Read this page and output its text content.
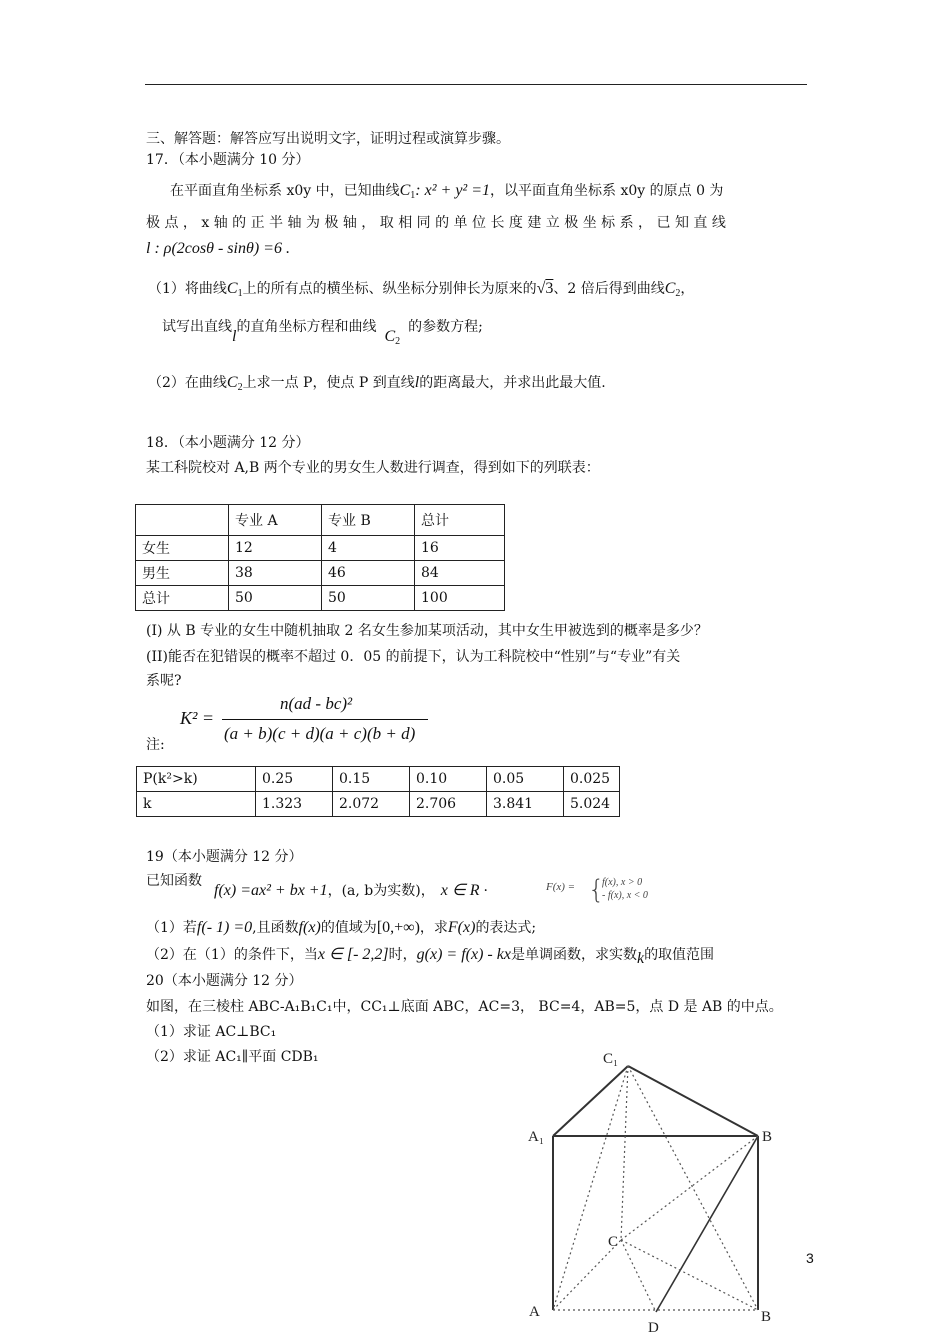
三、解答题：解答应写出说明文字，证明过程或演算步骤。
17．（本小题满分 10 分）
在平面直角坐标系 x0y 中，已知曲线$C_1$: x² + y² =1，以平面直角坐标系 x0y 的原点 0 为
极 点 ， x 轴 的 正 半 轴 为 极 轴 ， 取 相 同 的 单 位 长 度 建 立 极 坐 标 系 ， 已 知 直 线
l : ρ(2cosθ - sinθ) =6 .
（1）将曲线$C_1$上的所有点的横坐标、纵坐标分别伸长为原来的√3、2 倍后得到曲线$C_2$，
试写出直线l的直角坐标方程和曲线$C_2$的参数方程;
（2）在曲线$C_2$上求一点 P，使点 P 到直线l的距离最大，并求出此最大值.
18．（本小题满分 12 分）
某工科院校对 A,B 两个专业的男女生人数进行调查，得到如下的列联表：
	专业 A	专业 B	总计
女生	12	4	16
男生	38	46	84
总计	50	50	100
(I) 从 B 专业的女生中随机抽取 2 名女生参加某项活动，其中女生甲被选到的概率是多少？
(II)能否在犯错误的概率不超过 0．05 的前提下，认为工科院校中“性别”与“专业”有关
系呢?
注:
K² =
n(ad - bc)²
(a + b)(c + d)(a + c)(b + d)
P(k²>k)	0.25	0.15	0.10	0.05	0.025
k	1.323	2.072	2.706	3.841	5.024
19（本小题满分 12 分）
已知函数
f(x) =ax² + bx +1，(a, b为实数)， x ∈ R ·	F(x) = {
f(x), x > 0
- f(x), x < 0
（1）若f(- 1) =0,且函数f(x)的值域为[0,+∞)，求F(x)的表达式;
（2）在（1）的条件下，当x ∈ [- 2,2]时，g(x) = f(x) - kx是单调函数，求实数k的取值范围
20（本小题满分 12 分）
如图，在三棱柱 ABC-A₁B₁C₁中，CC₁⊥底面 ABC，AC=3， BC=4，AB=5，点 D 是 AB 的中点。
（1）求证 AC⊥BC₁
（2）求证 AC₁∥平面 CDB₁	C₁
A₁	B
C
A	B
D
3
